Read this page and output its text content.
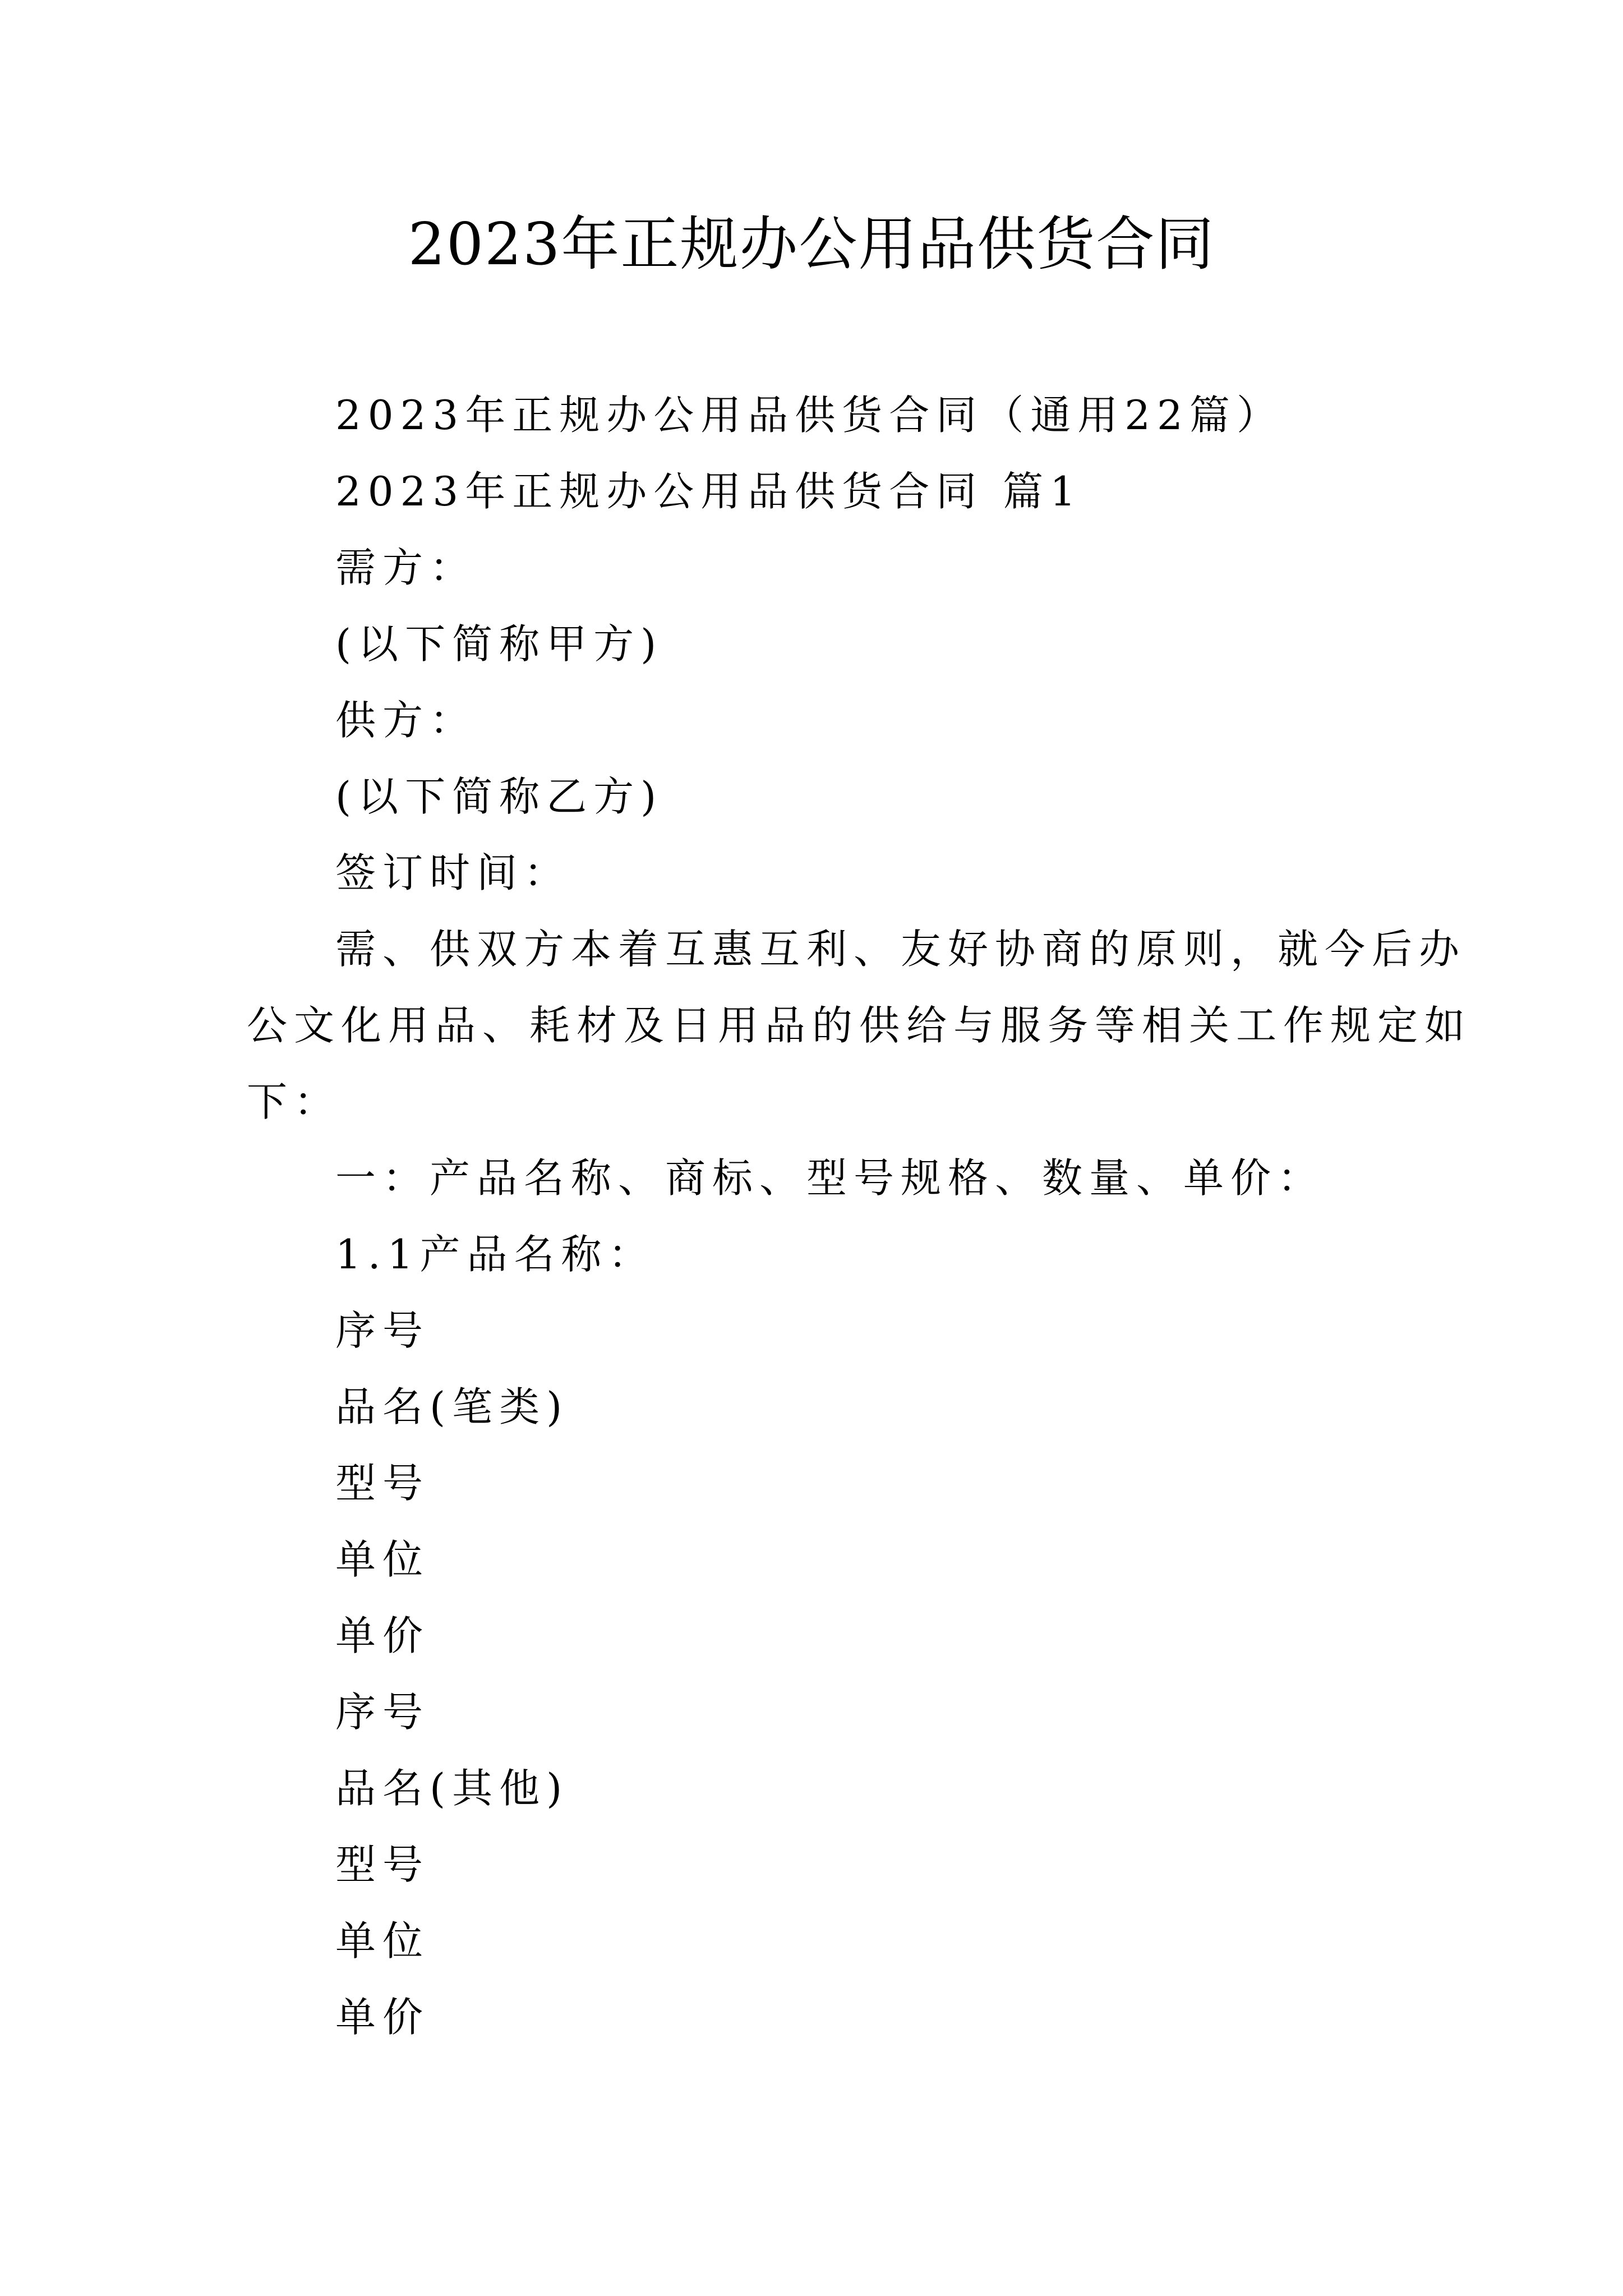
2023年正规办公用品供货合同
2023年正规办公用品供货合同（通用22篇）
2023年正规办公用品供货合同 篇1
需方：
(以下简称甲方)
供方：
(以下简称乙方)
签订时间：
需、供双方本着互惠互利、友好协商的原则，就今后办
公文化用品、耗材及日用品的供给与服务等相关工作规定如
下：
一：产品名称、商标、型号规格、数量、单价：
1.1产品名称：
序号
品名(笔类)
型号
单位
单价
序号
品名(其他)
型号
单位
单价
